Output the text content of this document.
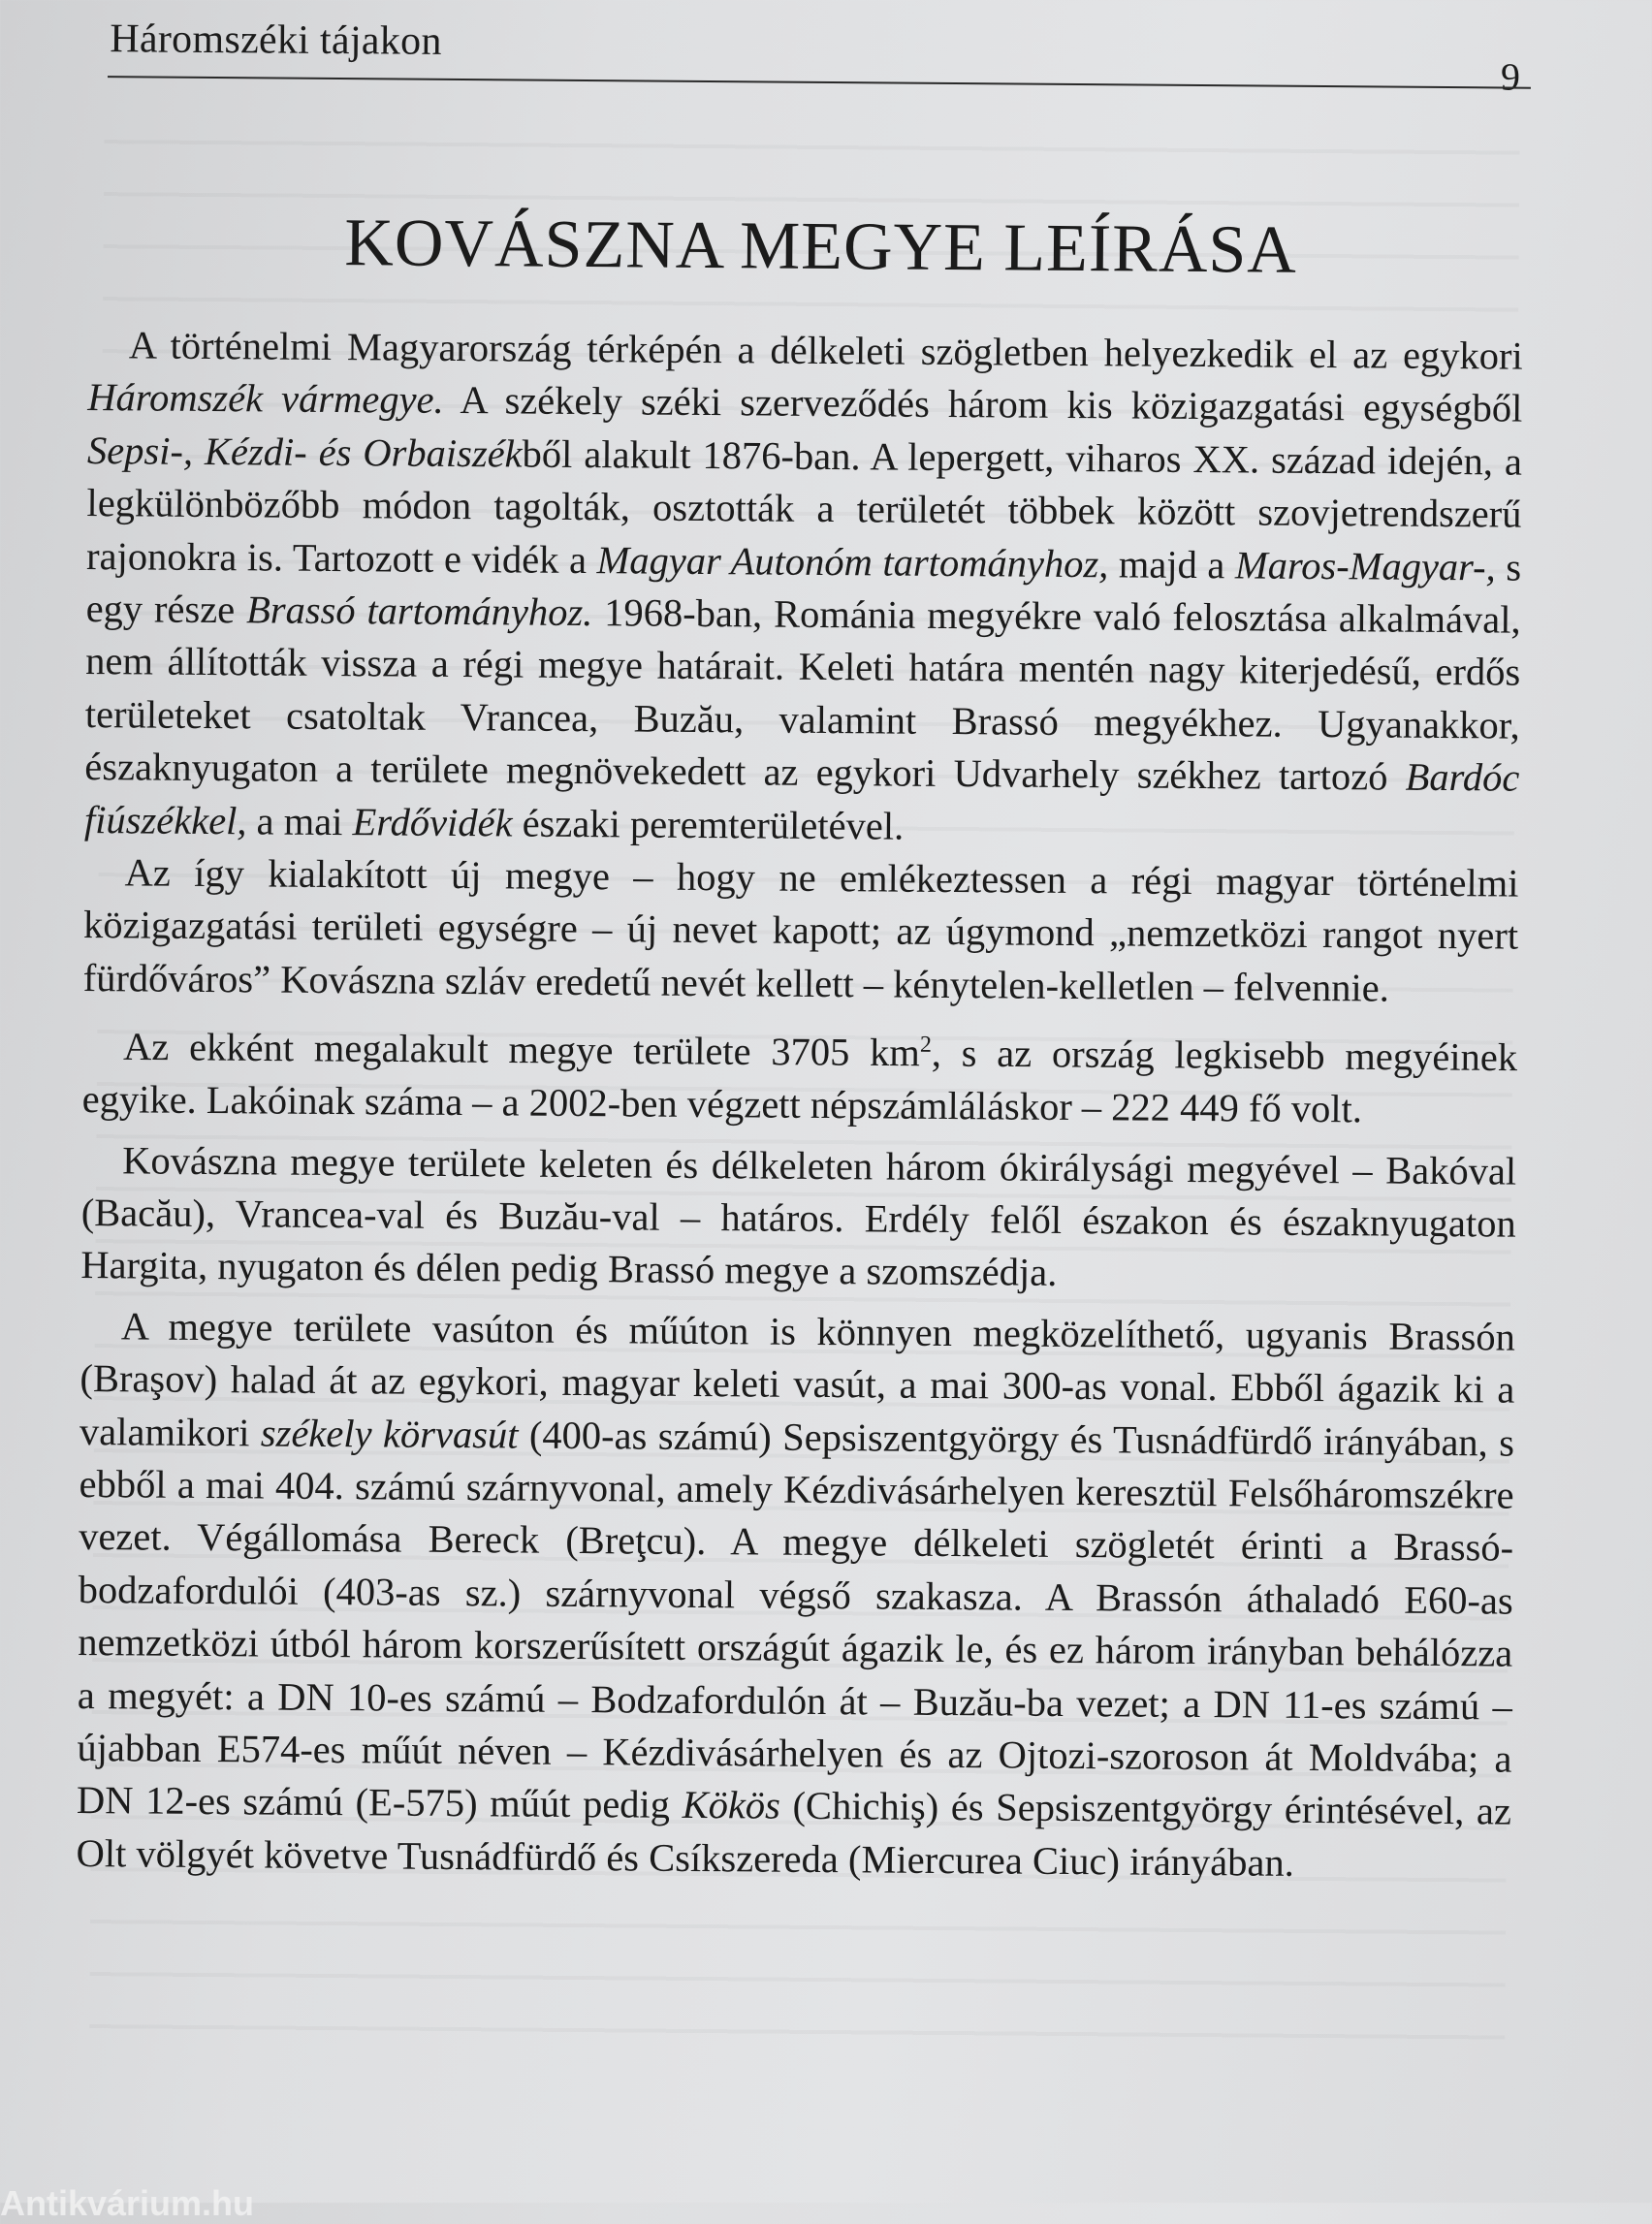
Háromszéki tájakon
9
KOVÁSZNA MEGYE LEÍRÁSA

A történelmi Magyarország térképén a délkeleti szögletben helyezkedik el az egykori Háromszék vármegye. A székely széki szerveződés három kis közigazgatási egységből Sepsi-, Kézdi- és Orbaiszékből alakult 1876-ban. A lepergett, viharos XX. század idején, a legkülönbözőbb módon tagolták, osztották a területét többek között szovjetrendszerű rajonokra is. Tartozott e vidék a Magyar Autonóm tartományhoz, majd a Maros-Magyar-, s egy része Brassó tartományhoz. 1968-ban, Románia megyékre való felosztása alkalmával, nem állították vissza a régi megye határait. Keleti határa mentén nagy kiterjedésű, erdős területeket csatoltak Vrancea, Buzău, valamint Brassó megyékhez. Ugyanakkor, északnyugaton a területe megnövekedett az egykori Udvarhely székhez tartozó Bardóc fiúszékkel, a mai Erdővidék északi peremterületével.

Az így kialakított új megye – hogy ne emlékeztessen a régi magyar történelmi közigazgatási területi egységre – új nevet kapott; az úgymond „nemzetközi rangot nyert fürdőváros” Kovászna szláv eredetű nevét kellett – kénytelen-kelletlen – felvennie.

Az ekként megalakult megye területe 3705 $km^2$, s az ország legkisebb megyéinek egyike. Lakóinak száma – a 2002-ben végzett népszámláláskor – 222 449 fő volt.

Kovászna megye területe keleten és délkeleten három ókirálysági megyével – Bakóval (Bacău), Vrancea-val és Buzău-val – határos. Erdély felől északon és északnyugaton Hargita, nyugaton és délen pedig Brassó megye a szomszédja.

A megye területe vasúton és műúton is könnyen megközelíthető, ugyanis Brassón (Braşov) halad át az egykori, magyar keleti vasút, a mai 300-as vonal. Ebből ágazik ki a valamikori székely körvasút (400-as számú) Sepsiszentgyörgy és Tusnádfürdő irányában, s ebből a mai 404. számú szárnyvonal, amely Kézdivásárhelyen keresztül Felsőháromszékre vezet. Végállomása Bereck (Breţcu). A megye délkeleti szögletét érinti a Brassó-bodzafordulói (403-as sz.) szárnyvonal végső szakasza. A Brassón áthaladó E60-as nemzetközi útból három korszerűsített országút ágazik le, és ez három irányban behálózza a megyét: a DN 10-es számú – Bodzafordulón át – Buzău-ba vezet; a DN 11-es számú – újabban E574-es műút néven – Kézdivásárhelyen és az Ojtozi-szoroson át Moldvába; a DN 12-es számú (E-575) műút pedig Kökös (Chichiş) és Sepsiszentgyörgy érintésével, az Olt völgyét követve Tusnádfürdő és Csíkszereda (Miercurea Ciuc) irányában.

Antikvárium.hu
